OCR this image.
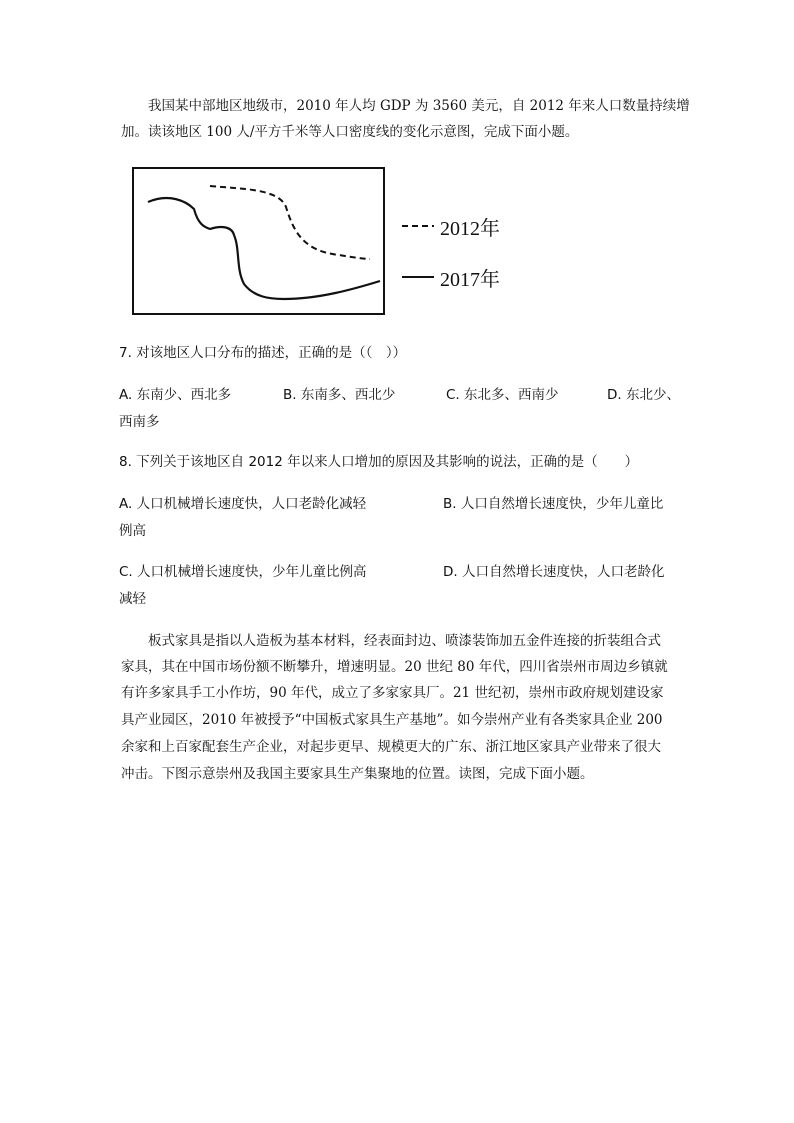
我国某中部地区地级市，2010 年人均 GDP 为 3560 美元，自 2012 年来人口数量持续增
加。读该地区 100 人/平方千米等人口密度线的变化示意图，完成下面小题。
2012年
2017年
7. 对该地区人口分布的描述，正确的是（（　））
A. 东南少、西北多	B. 东南多、西北少	C. 东北多、西南少	D. 东北少、
西南多
8. 下列关于该地区自 2012 年以来人口增加的原因及其影响的说法，正确的是（　　）
A. 人口机械增长速度快，人口老龄化减轻	B. 人口自然增长速度快，少年儿童比
例高
C. 人口机械增长速度快，少年儿童比例高	D. 人口自然增长速度快，人口老龄化
减轻
板式家具是指以人造板为基本材料，经表面封边、喷漆装饰加五金件连接的折装组合式
家具，其在中国市场份额不断攀升，增速明显。20 世纪 80 年代，四川省崇州市周边乡镇就
有许多家具手工小作坊，90 年代，成立了多家家具厂。21 世纪初，崇州市政府规划建设家
具产业园区，2010 年被授予“中国板式家具生产基地”。如今崇州产业有各类家具企业 200
余家和上百家配套生产企业，对起步更早、规模更大的广东、浙江地区家具产业带来了很大
冲击。下图示意崇州及我国主要家具生产集聚地的位置。读图，完成下面小题。
